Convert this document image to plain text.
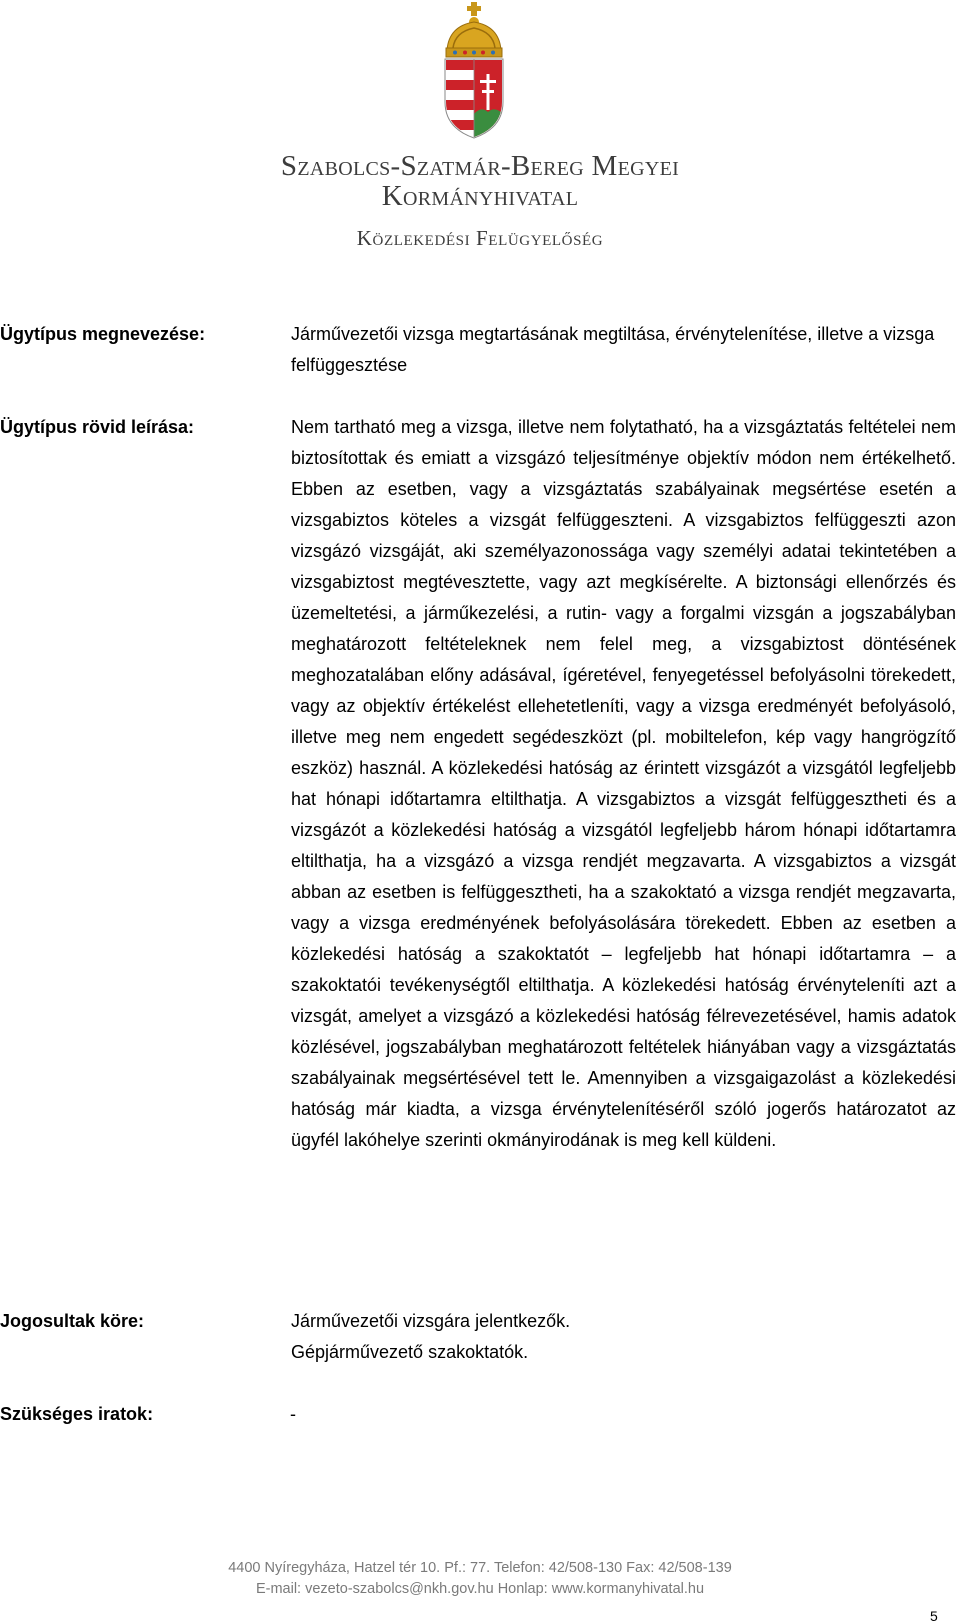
Szabolcs-Szatmár-Bereg Megyei
Kormányhivatal
Közlekedési Felügyelőség
Ügytípus megnevezése:	Járművezetői vizsga megtartásának megtiltása, érvénytelenítése, illetve a vizsga felfüggesztése
Ügytípus rövid leírása:	Nem tartható meg a vizsga, illetve nem folytatható, ha a vizsgáztatás feltételei nem biztosítottak és emiatt a vizsgázó teljesítménye objektív módon nem értékelhető. Ebben az esetben, vagy a vizsgáztatás szabályainak megsértése esetén a vizsgabiztos köteles a vizsgát felfüggeszteni. A vizsgabiztos felfüggeszti azon vizsgázó vizsgáját, aki személyazonossága vagy személyi adatai tekintetében a vizsgabiztost megtévesztette, vagy azt megkísérelte. A biztonsági ellenőrzés és üzemeltetési, a járműkezelési, a rutin- vagy a forgalmi vizsgán a jogszabályban meghatározott feltételeknek nem felel meg, a vizsgabiztost döntésének meghozatalában előny adásával, ígéretével, fenyegetéssel befolyásolni törekedett, vagy az objektív értékelést ellehetetleníti, vagy a vizsga eredményét befolyásoló, illetve meg nem engedett segédeszközt (pl. mobiltelefon, kép vagy hangrögzítő eszköz) használ. A közlekedési hatóság az érintett vizsgázót a vizsgától legfeljebb hat hónapi időtartamra eltilthatja. A vizsgabiztos a vizsgát felfüggesztheti és a vizsgázót a közlekedési hatóság a vizsgától legfeljebb három hónapi időtartamra eltilthatja, ha a vizsgázó a vizsga rendjét megzavarta. A vizsgabiztos a vizsgát abban az esetben is felfüggesztheti, ha a szakoktató a vizsga rendjét megzavarta, vagy a vizsga eredményének befolyásolására törekedett. Ebben az esetben a közlekedési hatóság a szakoktatót – legfeljebb hat hónapi időtartamra – a szakoktatói tevékenységtől eltilthatja. A közlekedési hatóság érvényteleníti azt a vizsgát, amelyet a vizsgázó a közlekedési hatóság félrevezetésével, hamis adatok közlésével, jogszabályban meghatározott feltételek hiányában vagy a vizsgáztatás szabályainak megsértésével tett le. Amennyiben a vizsgaigazolást a közlekedési hatóság már kiadta, a vizsga érvénytelenítéséről szóló jogerős határozatot az ügyfél lakóhelye szerinti okmányirodának is meg kell küldeni.
Jogosultak köre:	Járművezetői vizsgára jelentkezők.
Gépjárművezető szakoktatók.
Szükséges iratok:	-
4400 Nyíregyháza, Hatzel tér 10. Pf.: 77. Telefon: 42/508-130 Fax: 42/508-139
E-mail: vezeto-szabolcs@nkh.gov.hu Honlap: www.kormanyhivatal.hu
5
